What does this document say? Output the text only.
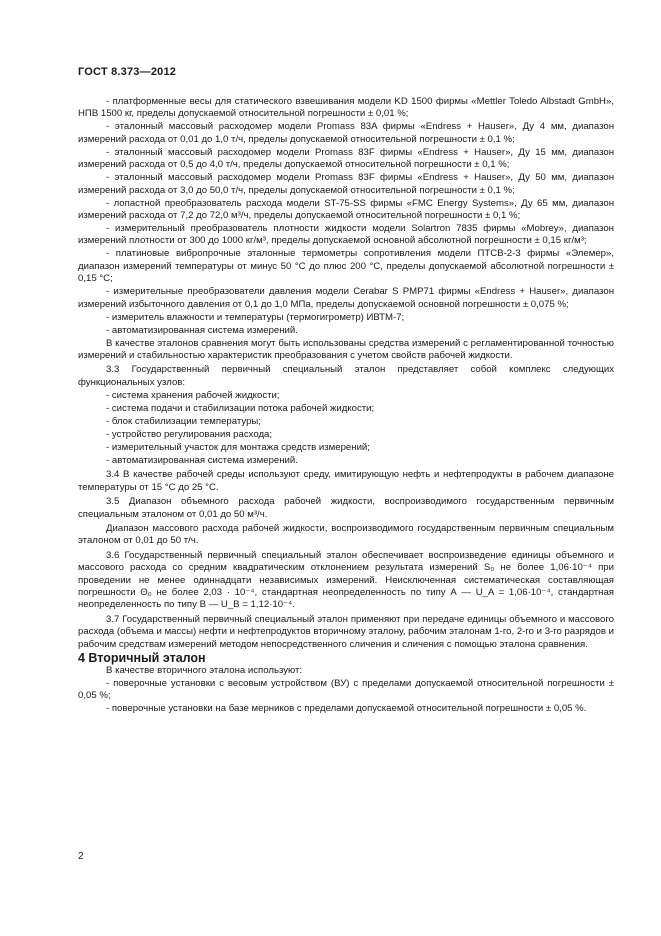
ГОСТ 8.373—2012

- платформенные весы для статического взвешивания модели KD 1500 фирмы «Mettler Toledo Albstadt GmbH», НПВ 1500 кг, пределы допускаемой относительной погрешности ± 0,01 %;

- эталонный массовый расходомер модели Promass 83A фирмы «Endress + Hauser», Ду 4 мм, диапазон измерений расхода от 0,01 до 1,0 т/ч, пределы допускаемой относительной погрешности ± 0,1 %;

- эталонный массовый расходомер модели Promass 83F фирмы «Endress + Hauser», Ду 15 мм, диапазон измерений расхода от 0,5 до 4,0 т/ч, пределы допускаемой относительной погрешности ± 0,1 %;

- эталонный массовый расходомер модели Promass 83F фирмы «Endress + Hauser», Ду 50 мм, диапазон измерений расхода от 3,0 до 50,0 т/ч, пределы допускаемой относительной погрешности ± 0,1 %;

- лопастной преобразователь расхода модели ST-75-SS фирмы «FMC Energy Systems», Ду 65 мм, диапазон измерений расхода от 7,2 до 72,0 м³/ч, пределы допускаемой относительной погрешности ± 0,1 %;

- измерительный преобразователь плотности жидкости модели Solartron 7835 фирмы «Mobrey», диапазон измерений плотности от 300 до 1000 кг/м³, пределы допускаемой основной абсолютной погрешности ± 0,15 кг/м³;

- платиновые вибропрочные эталонные термометры сопротивления модели ПТСВ-2-3 фирмы «Элемер», диапазон измерений температуры от минус 50 °С до плюс 200 °С, пределы допускаемой абсолютной погрешности ± 0,15 °С;

- измерительные преобразователи давления модели Cerabar S PMP71 фирмы «Endress + Hauser», диапазон измерений избыточного давления от 0,1 до 1,0 МПа, пределы допускаемой основной погрешности ± 0,075 %;

- измеритель влажности и температуры (термогигрометр) ИВТМ-7;

- автоматизированная система измерений.

В качестве эталонов сравнения могут быть использованы средства измерений с регламентированной точностью измерений и стабильностью характеристик преобразования с учетом свойств рабочей жидкости.

3.3 Государственный первичный специальный эталон представляет собой комплекс следующих функциональных узлов:

- система хранения рабочей жидкости;

- система подачи и стабилизации потока рабочей жидкости;

- блок стабилизации температуры;

- устройство регулирования расхода;

- измерительный участок для монтажа средств измерений;

- автоматизированная система измерений.

3.4 В качестве рабочей среды используют среду, имитирующую нефть и нефтепродукты в рабочем диапазоне температуры от 15 °С до 25 °С.

3.5 Диапазон объемного расхода рабочей жидкости, воспроизводимого государственным первичным специальным эталоном от 0,01 до 50 м³/ч.

Диапазон массового расхода рабочей жидкости, воспроизводимого государственным первичным специальным эталоном от 0,01 до 50 т/ч.

3.6 Государственный первичный специальный эталон обеспечивает воспроизведение единицы объемного и массового расхода со средним квадратическим отклонением результата измерений S₀ не более 1,06·10⁻⁴ при проведении не менее одиннадцати независимых измерений. Неисключенная систематическая составляющая погрешности Θ₀ не более 2,03 · 10⁻⁴, стандартная неопределенность по типу А — U_A = 1,06·10⁻⁴, стандартная неопределенность по типу В — U_B = 1,12·10⁻⁴.

3.7 Государственный первичный специальный эталон применяют при передаче единицы объемного и массового расхода (объема и массы) нефти и нефтепродуктов вторичному эталону, рабочим эталонам 1-го, 2-го и 3-го разрядов и рабочим средствам измерений методом непосредственного сличения и сличения с помощью эталона сравнения.

4 Вторичный эталон

В качестве вторичного эталона используют:

- поверочные установки с весовым устройством (ВУ) с пределами допускаемой относительной погрешности ± 0,05 %;

- поверочные установки на базе мерников с пределами допускаемой относительной погрешности ± 0,05 %.

2
